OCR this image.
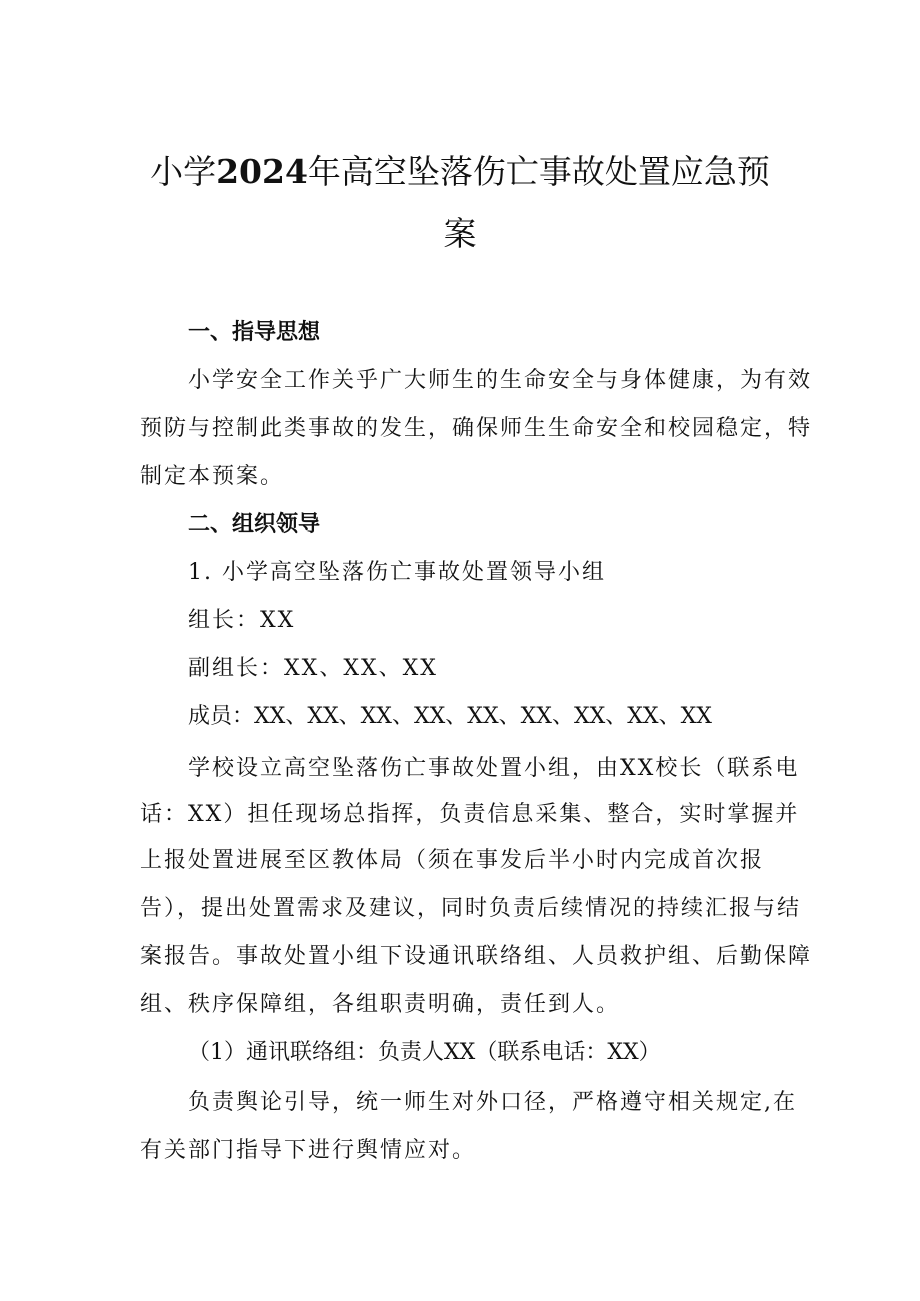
小学2024年高空坠落伤亡事故处置应急预
案
一、指导思想
小学安全工作关乎广大师生的生命安全与身体健康，为有效
预防与控制此类事故的发生，确保师生生命安全和校园稳定，特
制定本预案。
二、组织领导
1. 小学高空坠落伤亡事故处置领导小组
组长：XX
副组长：XX、XX、XX
成员：XX、XX、XX、XX、XX、XX、XX、XX、XX
学校设立高空坠落伤亡事故处置小组，由XX校长（联系电
话：XX）担任现场总指挥，负责信息采集、整合，实时掌握并
上报处置进展至区教体局（须在事发后半小时内完成首次报
告），提出处置需求及建议，同时负责后续情况的持续汇报与结
案报告。事故处置小组下设通讯联络组、人员救护组、后勤保障
组、秩序保障组，各组职责明确，责任到人。
（1）通讯联络组：负责人XX（联系电话：XX）
负责舆论引导，统一师生对外口径，严格遵守相关规定,在
有关部门指导下进行舆情应对。
